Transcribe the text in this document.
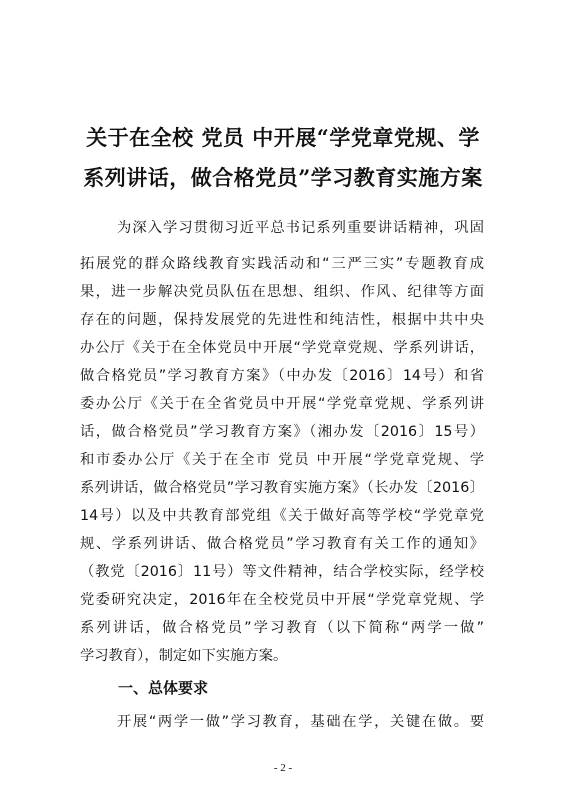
关于在全校 党员 中开展“学党章党规、学
系列讲话，做合格党员”学习教育实施方案
为深入学习贯彻习近平总书记系列重要讲话精神，巩固
拓展党的群众路线教育实践活动和“三严三实”专题教育成
果，进一步解决党员队伍在思想、组织、作风、纪律等方面
存在的问题，保持发展党的先进性和纯洁性，根据中共中央
办公厅《关于在全体党员中开展“学党章党规、学系列讲话，
做合格党员”学习教育方案》（中办发〔2016〕14号）和省
委办公厅《关于在全省党员中开展“学党章党规、学系列讲
话，做合格党员”学习教育方案》（湘办发〔2016〕15号）
和市委办公厅《关于在全市 党员 中开展“学党章党规、学
系列讲话，做合格党员”学习教育实施方案》（长办发〔2016〕
14号）以及中共教育部党组《关于做好高等学校“学党章党
规、学系列讲话、做合格党员”学习教育有关工作的通知》
（教党〔2016〕11号）等文件精神，结合学校实际，经学校
党委研究决定，2016年在全校党员中开展“学党章党规、学
系列讲话，做合格党员”学习教育（以下简称“两学一做”
学习教育），制定如下实施方案。
一、总体要求
开展“两学一做”学习教育，基础在学，关键在做。要
- 2 -
